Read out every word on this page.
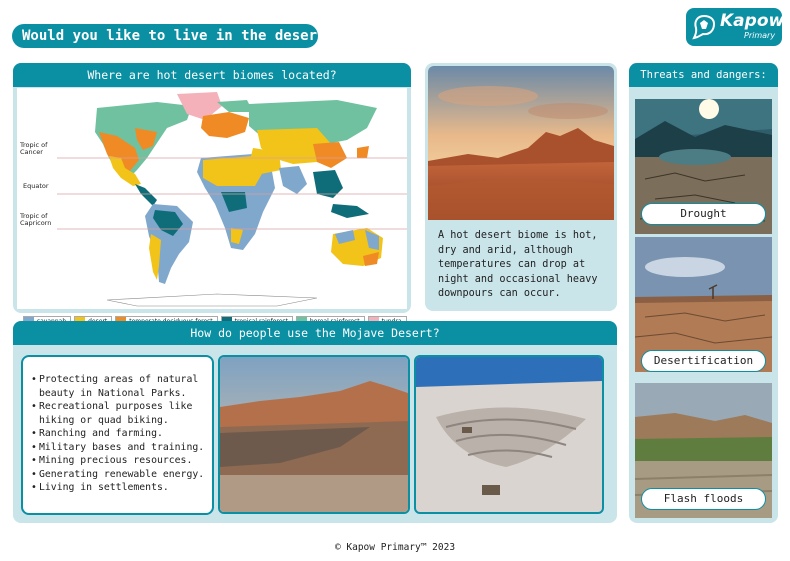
Would you like to live in the desert?
Kapow
Primary
Where are hot desert biomes located?
Tropic of Cancer
Equator
Tropic of Capricorn
A hot desert biome is hot, dry and arid, although temperatures can drop at night and occasional heavy downpours can occur.
Threats and dangers:
Drought
Desertification
Flash floods
How do people use the Mojave Desert?
• Protecting areas of natural
beauty in National Parks.
• Recreational purposes like
hiking or quad biking.
• Ranching and farming.
• Military bases and training.
• Mining precious resources.
• Generating renewable energy.
• Living in settlements.
© Kapow Primary™ 2023
